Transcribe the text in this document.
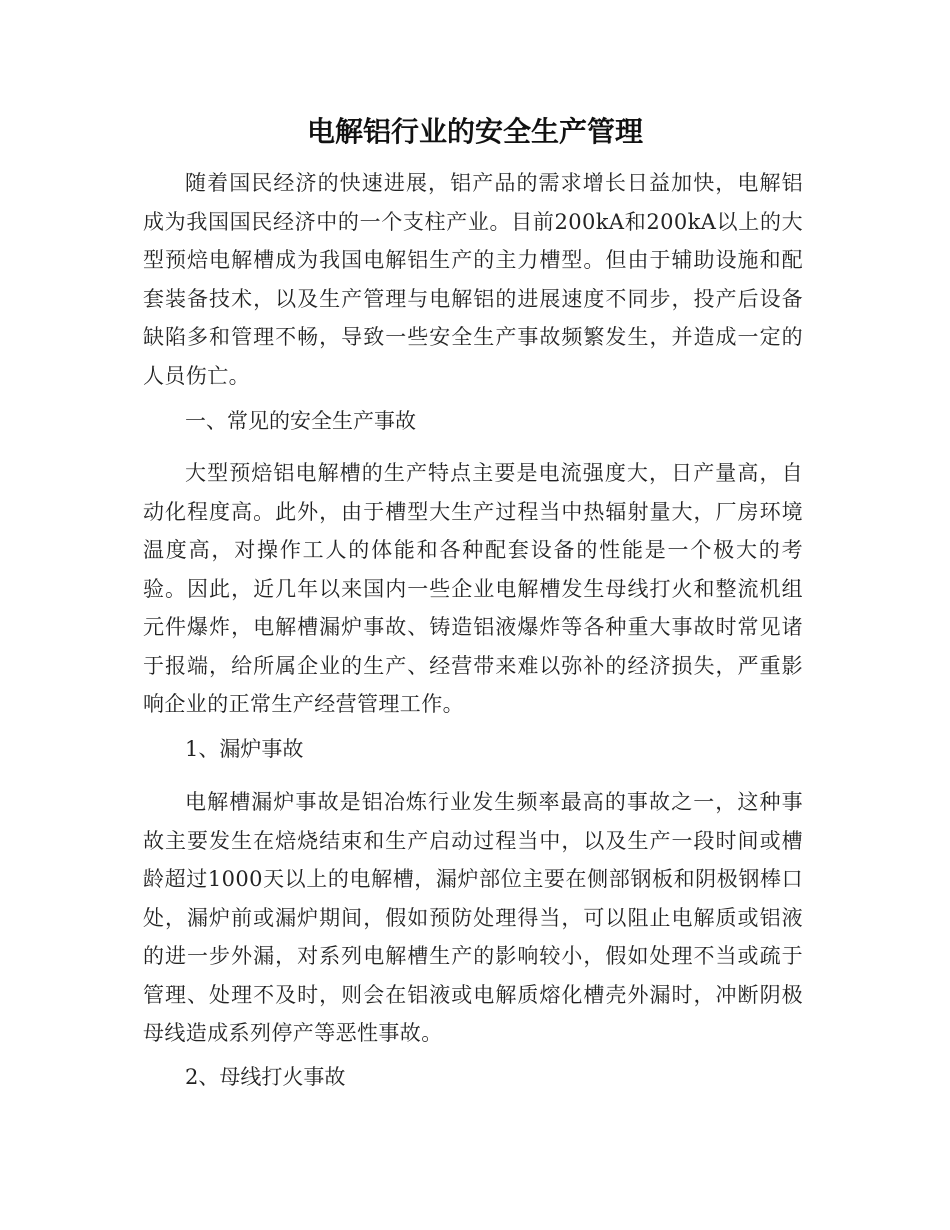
电解铝行业的安全生产管理

随着国民经济的快速进展，铝产品的需求增长日益加快，电解铝成为我国国民经济中的一个支柱产业。目前200kA和200kA以上的大型预焙电解槽成为我国电解铝生产的主力槽型。但由于辅助设施和配套装备技术，以及生产管理与电解铝的进展速度不同步，投产后设备缺陷多和管理不畅，导致一些安全生产事故频繁发生，并造成一定的人员伤亡。

一、常见的安全生产事故

大型预焙铝电解槽的生产特点主要是电流强度大，日产量高，自动化程度高。此外，由于槽型大生产过程当中热辐射量大，厂房环境温度高，对操作工人的体能和各种配套设备的性能是一个极大的考验。因此，近几年以来国内一些企业电解槽发生母线打火和整流机组元件爆炸，电解槽漏炉事故、铸造铝液爆炸等各种重大事故时常见诸于报端，给所属企业的生产、经营带来难以弥补的经济损失，严重影响企业的正常生产经营管理工作。

1、漏炉事故

电解槽漏炉事故是铝冶炼行业发生频率最高的事故之一，这种事故主要发生在焙烧结束和生产启动过程当中，以及生产一段时间或槽龄超过1000天以上的电解槽，漏炉部位主要在侧部钢板和阴极钢棒口处，漏炉前或漏炉期间，假如预防处理得当，可以阻止电解质或铝液的进一步外漏，对系列电解槽生产的影响较小，假如处理不当或疏于管理、处理不及时，则会在铝液或电解质熔化槽壳外漏时，冲断阴极母线造成系列停产等恶性事故。

2、母线打火事故
